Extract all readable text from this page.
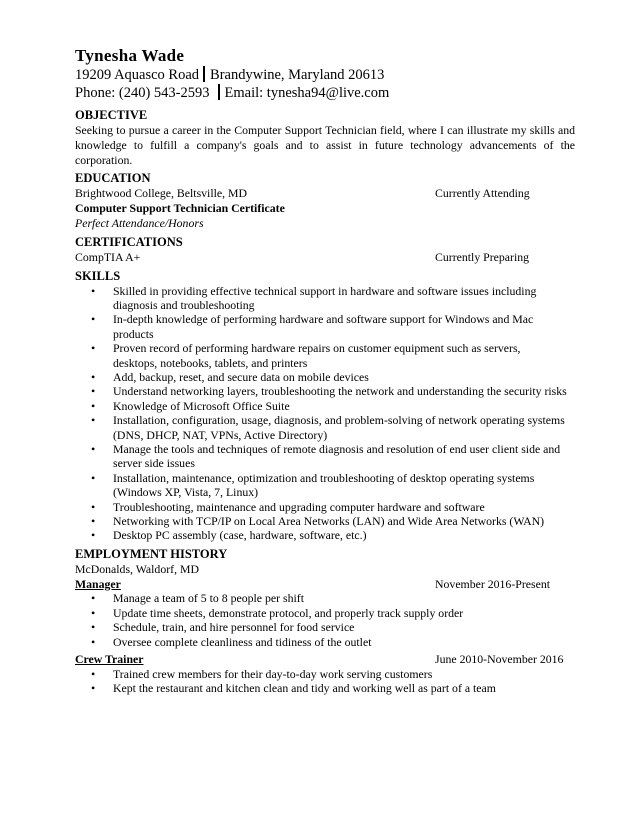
Tynesha Wade
19209 Aquasco Road Brandywine, Maryland 20613
Phone: (240) 543-2593 Email: tynesha94@live.com
OBJECTIVE
Seeking to pursue a career in the Computer Support Technician field, where I can illustrate my skills and knowledge to fulfill a company's goals and to assist in future technology advancements of the corporation.
EDUCATION
Brightwood College, Beltsville, MD	Currently Attending
Computer Support Technician Certificate
Perfect Attendance/Honors
CERTIFICATIONS
CompTIA A+	Currently Preparing
SKILLS
• Skilled in providing effective technical support in hardware and software issues including diagnosis and troubleshooting
• In-depth knowledge of performing hardware and software support for Windows and Mac products
• Proven record of performing hardware repairs on customer equipment such as servers, desktops, notebooks, tablets, and printers
• Add, backup, reset, and secure data on mobile devices
• Understand networking layers, troubleshooting the network and understanding the security risks
• Knowledge of Microsoft Office Suite
• Installation, configuration, usage, diagnosis, and problem-solving of network operating systems (DNS, DHCP, NAT, VPNs, Active Directory)
• Manage the tools and techniques of remote diagnosis and resolution of end user client side and server side issues
• Installation, maintenance, optimization and troubleshooting of desktop operating systems (Windows XP, Vista, 7, Linux)
• Troubleshooting, maintenance and upgrading computer hardware and software
• Networking with TCP/IP on Local Area Networks (LAN) and Wide Area Networks (WAN)
• Desktop PC assembly (case, hardware, software, etc.)
EMPLOYMENT HISTORY
McDonalds, Waldorf, MD
Manager	November 2016-Present
• Manage a team of 5 to 8 people per shift
• Update time sheets, demonstrate protocol, and properly track supply order
• Schedule, train, and hire personnel for food service
• Oversee complete cleanliness and tidiness of the outlet
Crew Trainer	June 2010-November 2016
• Trained crew members for their day-to-day work serving customers
• Kept the restaurant and kitchen clean and tidy and working well as part of a team
